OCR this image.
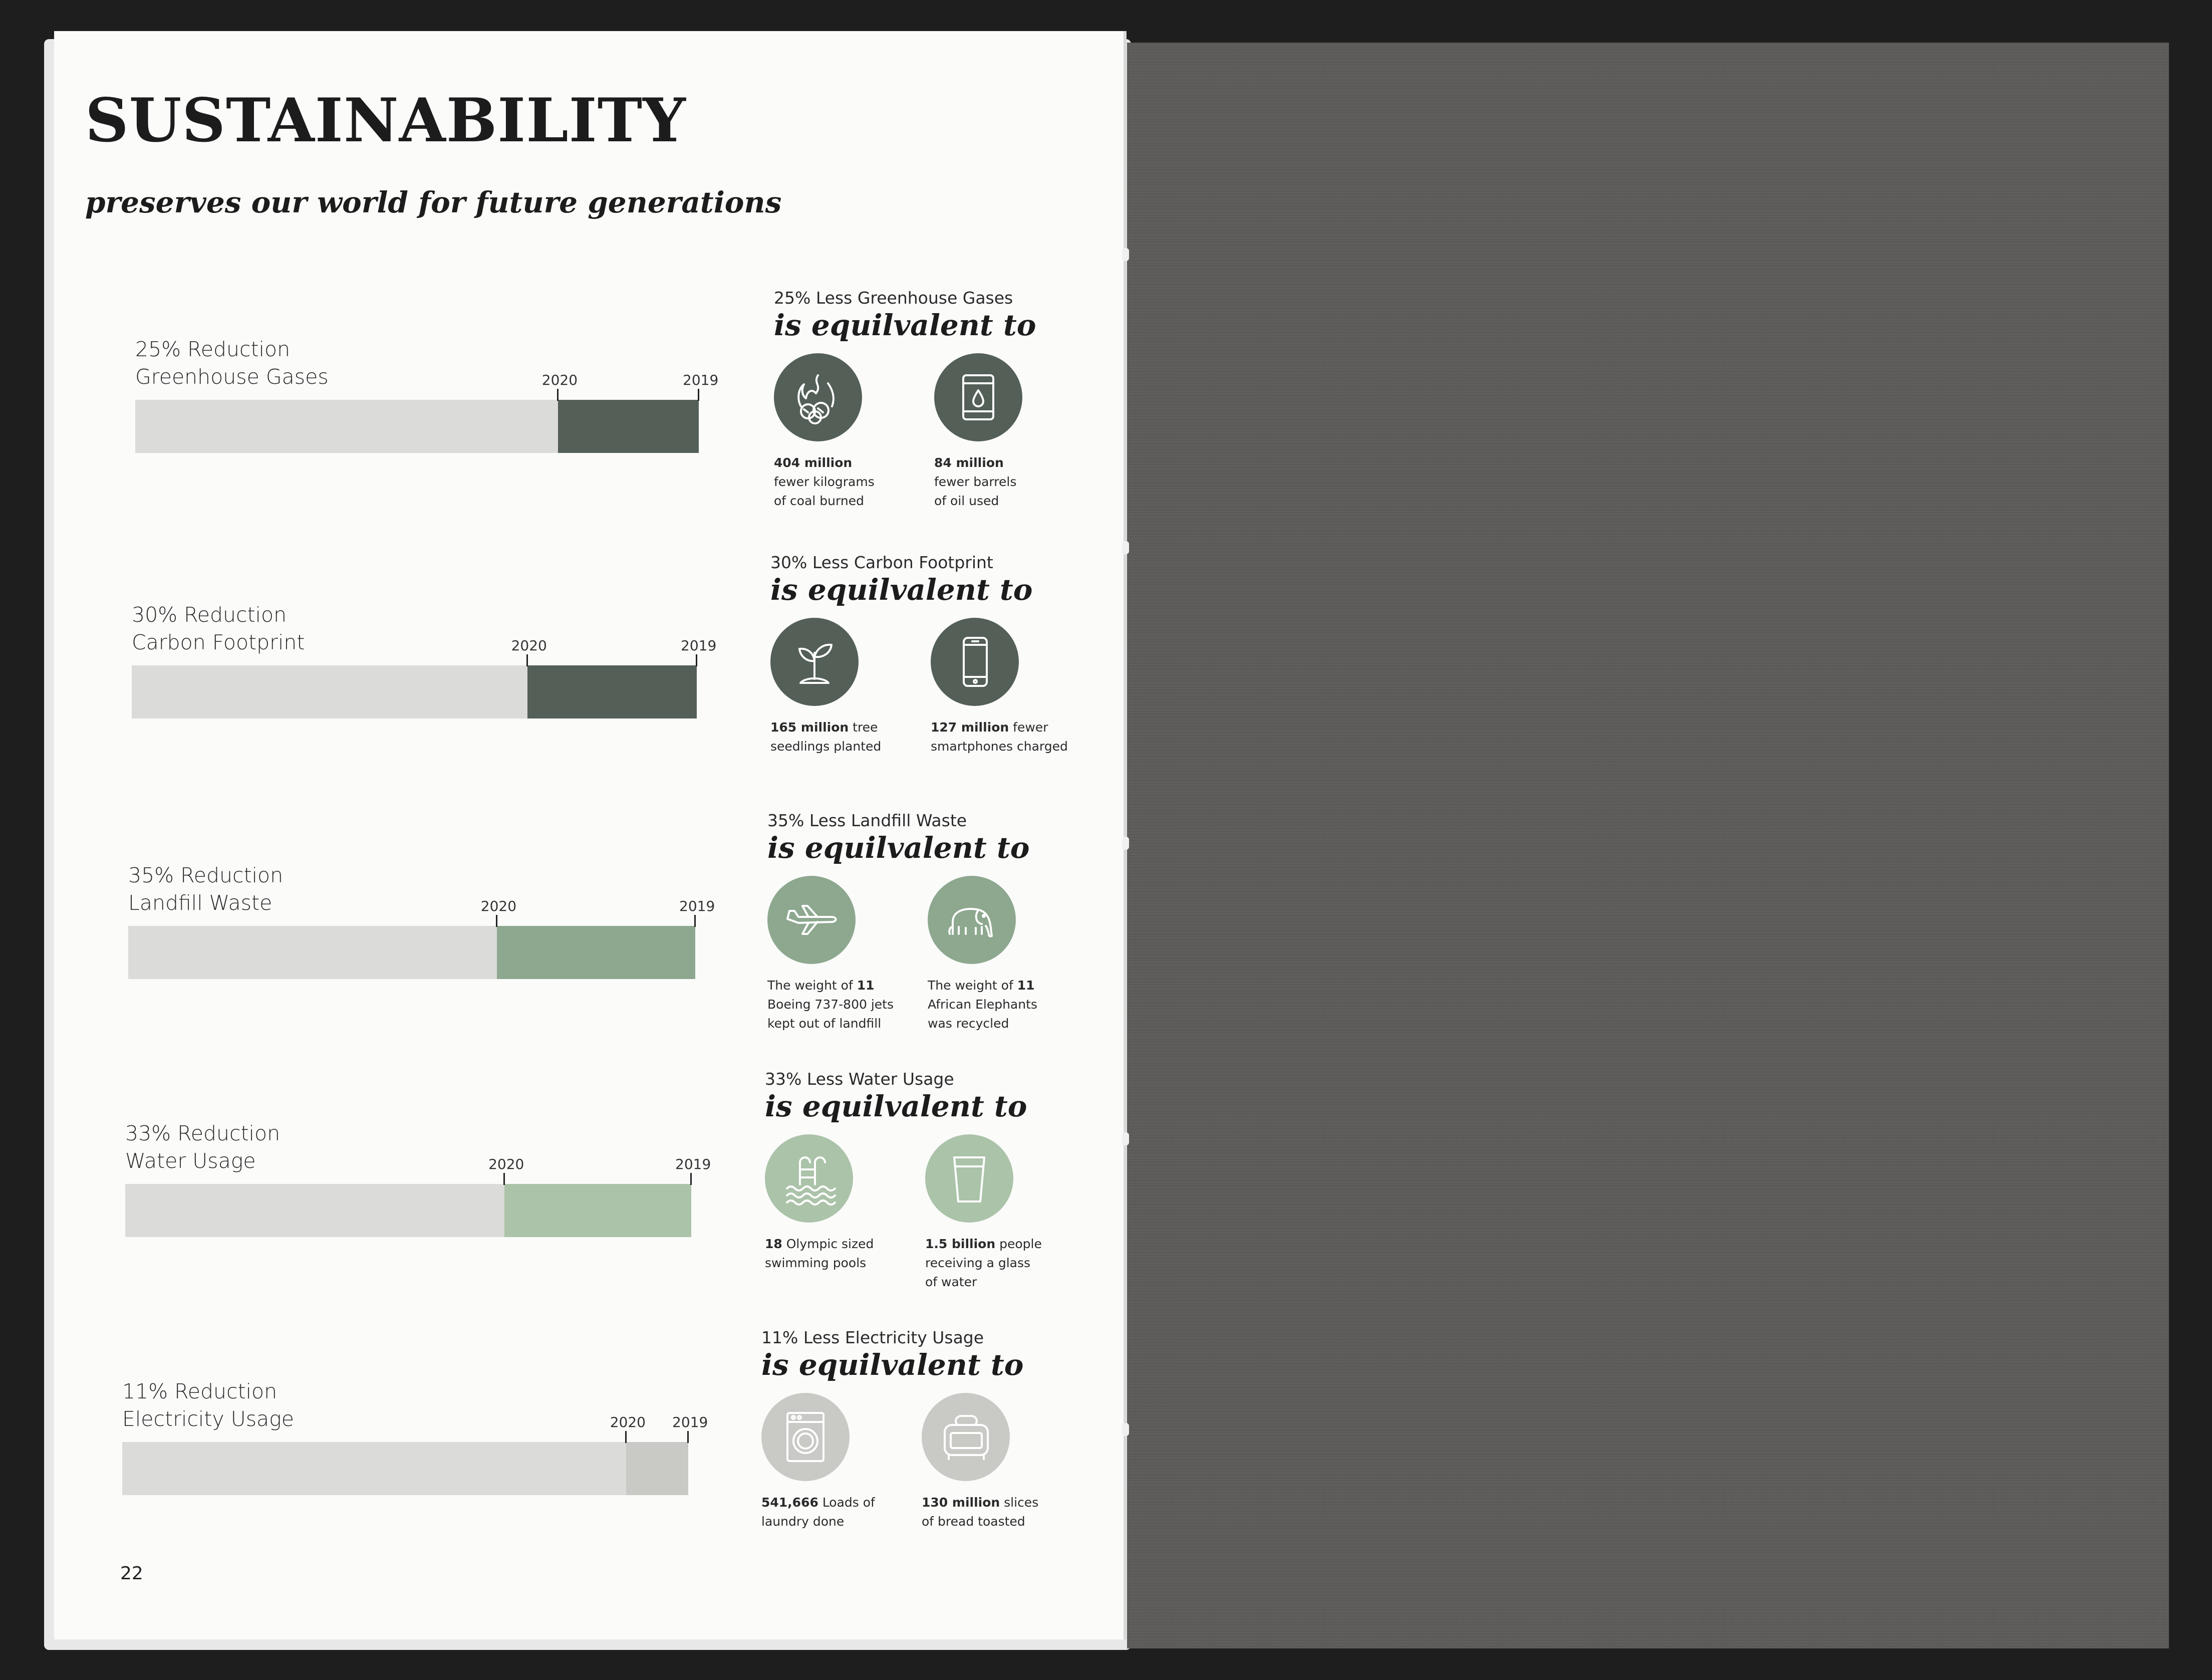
SUSTAINABILITY
preserves our world for future generations
25% Reduction
Greenhouse Gases	2020	2019
30% Reduction
Carbon Footprint	2020	2019
35% Reduction
Landfill Waste	2020	2019
33% Reduction
Water Usage	2020	2019
11% Reduction
Electricity Usage	2020 2019
25% Less Greenhouse Gases
is equilvalent to
404 million
fewer kilograms
of coal burned
84 million
fewer barrels
of oil used
30% Less Carbon Footprint
is equilvalent to
165 million tree
seedlings planted
127 million fewer
smartphones charged
35% Less Landfill Waste
is equilvalent to
The weight of 11
Boeing 737-800 jets
kept out of landfill
The weight of 11
African Elephants
was recycled
33% Less Water Usage
is equilvalent to
18 Olympic sized
swimming pools
1.5 billion people
receiving a glass
of water
11% Less Electricity Usage
is equilvalent to
541,666 Loads of
laundry done
130 million slices
of bread toasted
22
